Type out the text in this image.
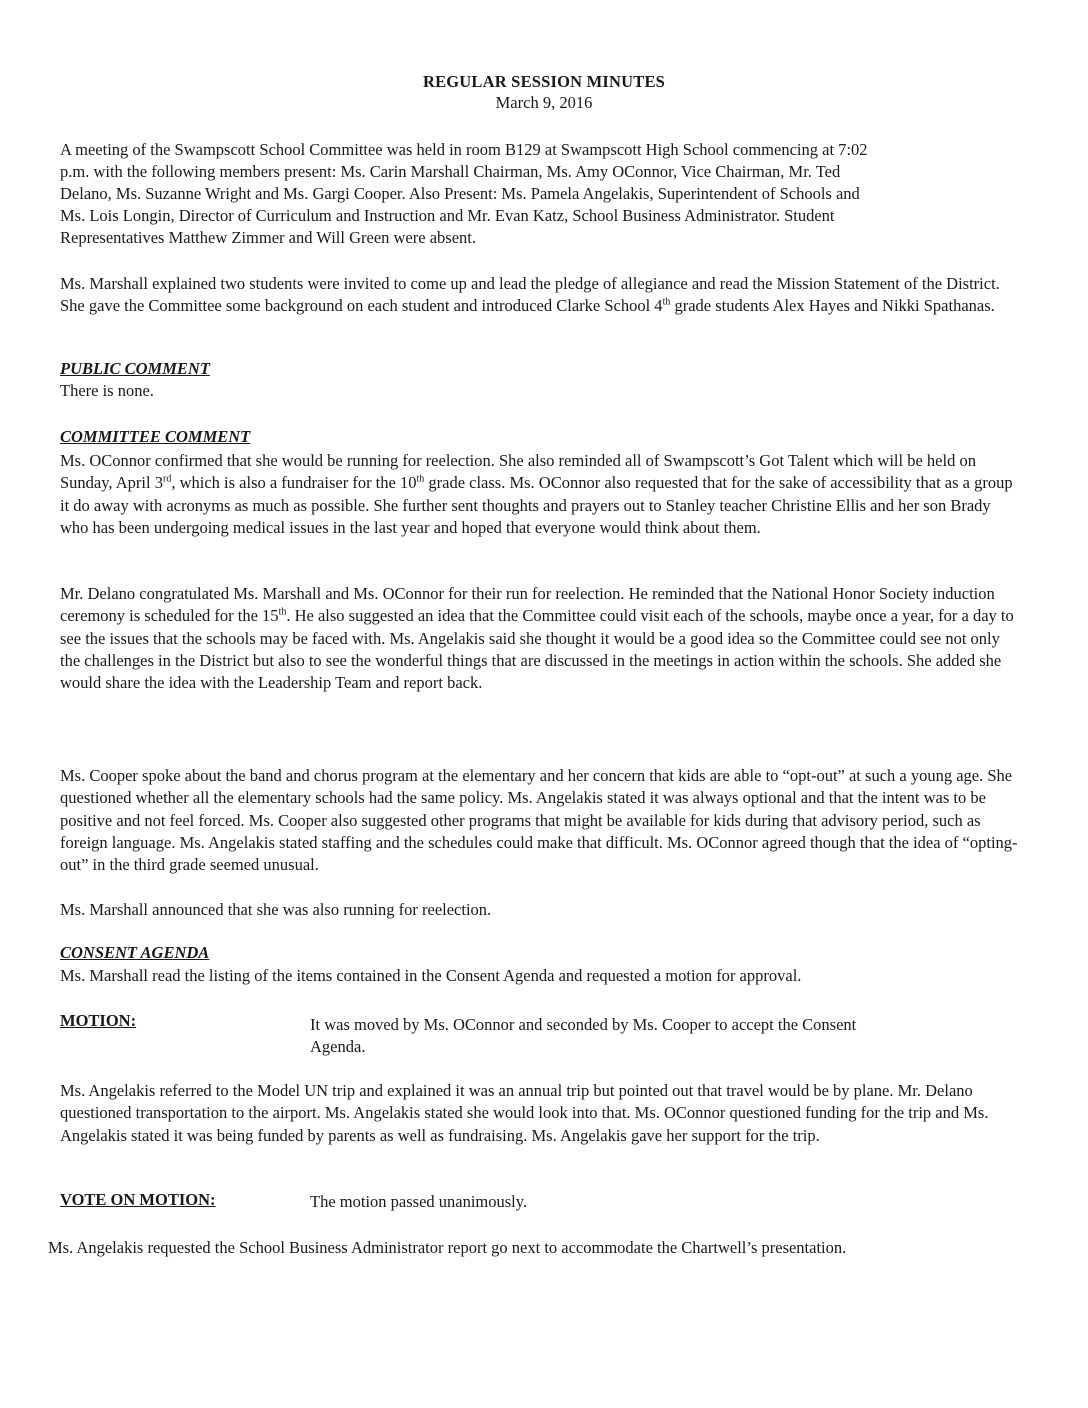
REGULAR SESSION MINUTES
March 9, 2016
A meeting of the Swampscott School Committee was held in room B129 at Swampscott High School commencing at 7:02
p.m. with the following members present: Ms. Carin Marshall Chairman, Ms. Amy OConnor, Vice Chairman, Mr. Ted
Delano, Ms. Suzanne Wright and Ms. Gargi Cooper. Also Present: Ms. Pamela Angelakis, Superintendent of Schools and
Ms. Lois Longin, Director of Curriculum and Instruction and Mr. Evan Katz, School Business Administrator. Student
Representatives Matthew Zimmer and Will Green were absent.

Ms. Marshall explained two students were invited to come up and lead the pledge of allegiance and read the Mission Statement of the District. She gave the Committee some background on each student and introduced Clarke School 4th grade students Alex Hayes and Nikki Spathanas.

PUBLIC COMMENT
There is none.
COMMITTEE COMMENT

Ms. OConnor confirmed that she would be running for reelection. She also reminded all of Swampscott’s Got Talent which will be held on Sunday, April 3rd, which is also a fundraiser for the 10th grade class. Ms. OConnor also requested that for the sake of accessibility that as a group it do away with acronyms as much as possible. She further sent thoughts and prayers out to Stanley teacher Christine Ellis and her son Brady who has been undergoing medical issues in the last year and hoped that everyone would think about them.

Mr. Delano congratulated Ms. Marshall and Ms. OConnor for their run for reelection. He reminded that the National Honor Society induction ceremony is scheduled for the 15th. He also suggested an idea that the Committee could visit each of the schools, maybe once a year, for a day to see the issues that the schools may be faced with. Ms. Angelakis said she thought it would be a good idea so the Committee could see not only the challenges in the District but also to see the wonderful things that are discussed in the meetings in action within the schools. She added she would share the idea with the Leadership Team and report back.

Ms. Cooper spoke about the band and chorus program at the elementary and her concern that kids are able to “opt-out” at such a young age. She questioned whether all the elementary schools had the same policy. Ms. Angelakis stated it was always optional and that the intent was to be positive and not feel forced. Ms. Cooper also suggested other programs that might be available for kids during that advisory period, such as foreign language. Ms. Angelakis stated staffing and the schedules could make that difficult. Ms. OConnor agreed though that the idea of “opting-out” in the third grade seemed unusual.

Ms. Marshall announced that she was also running for reelection.
CONSENT AGENDA
Ms. Marshall read the listing of the items contained in the Consent Agenda and requested a motion for approval.
MOTION:	It was moved by Ms. OConnor and seconded by Ms. Cooper to accept the Consent
Agenda.

Ms. Angelakis referred to the Model UN trip and explained it was an annual trip but pointed out that travel would be by plane. Mr. Delano questioned transportation to the airport. Ms. Angelakis stated she would look into that. Ms. OConnor questioned funding for the trip and Ms. Angelakis stated it was being funded by parents as well as fundraising. Ms. Angelakis gave her support for the trip.

VOTE ON MOTION:	The motion passed unanimously.
Ms. Angelakis requested the School Business Administrator report go next to accommodate the Chartwell’s presentation.
